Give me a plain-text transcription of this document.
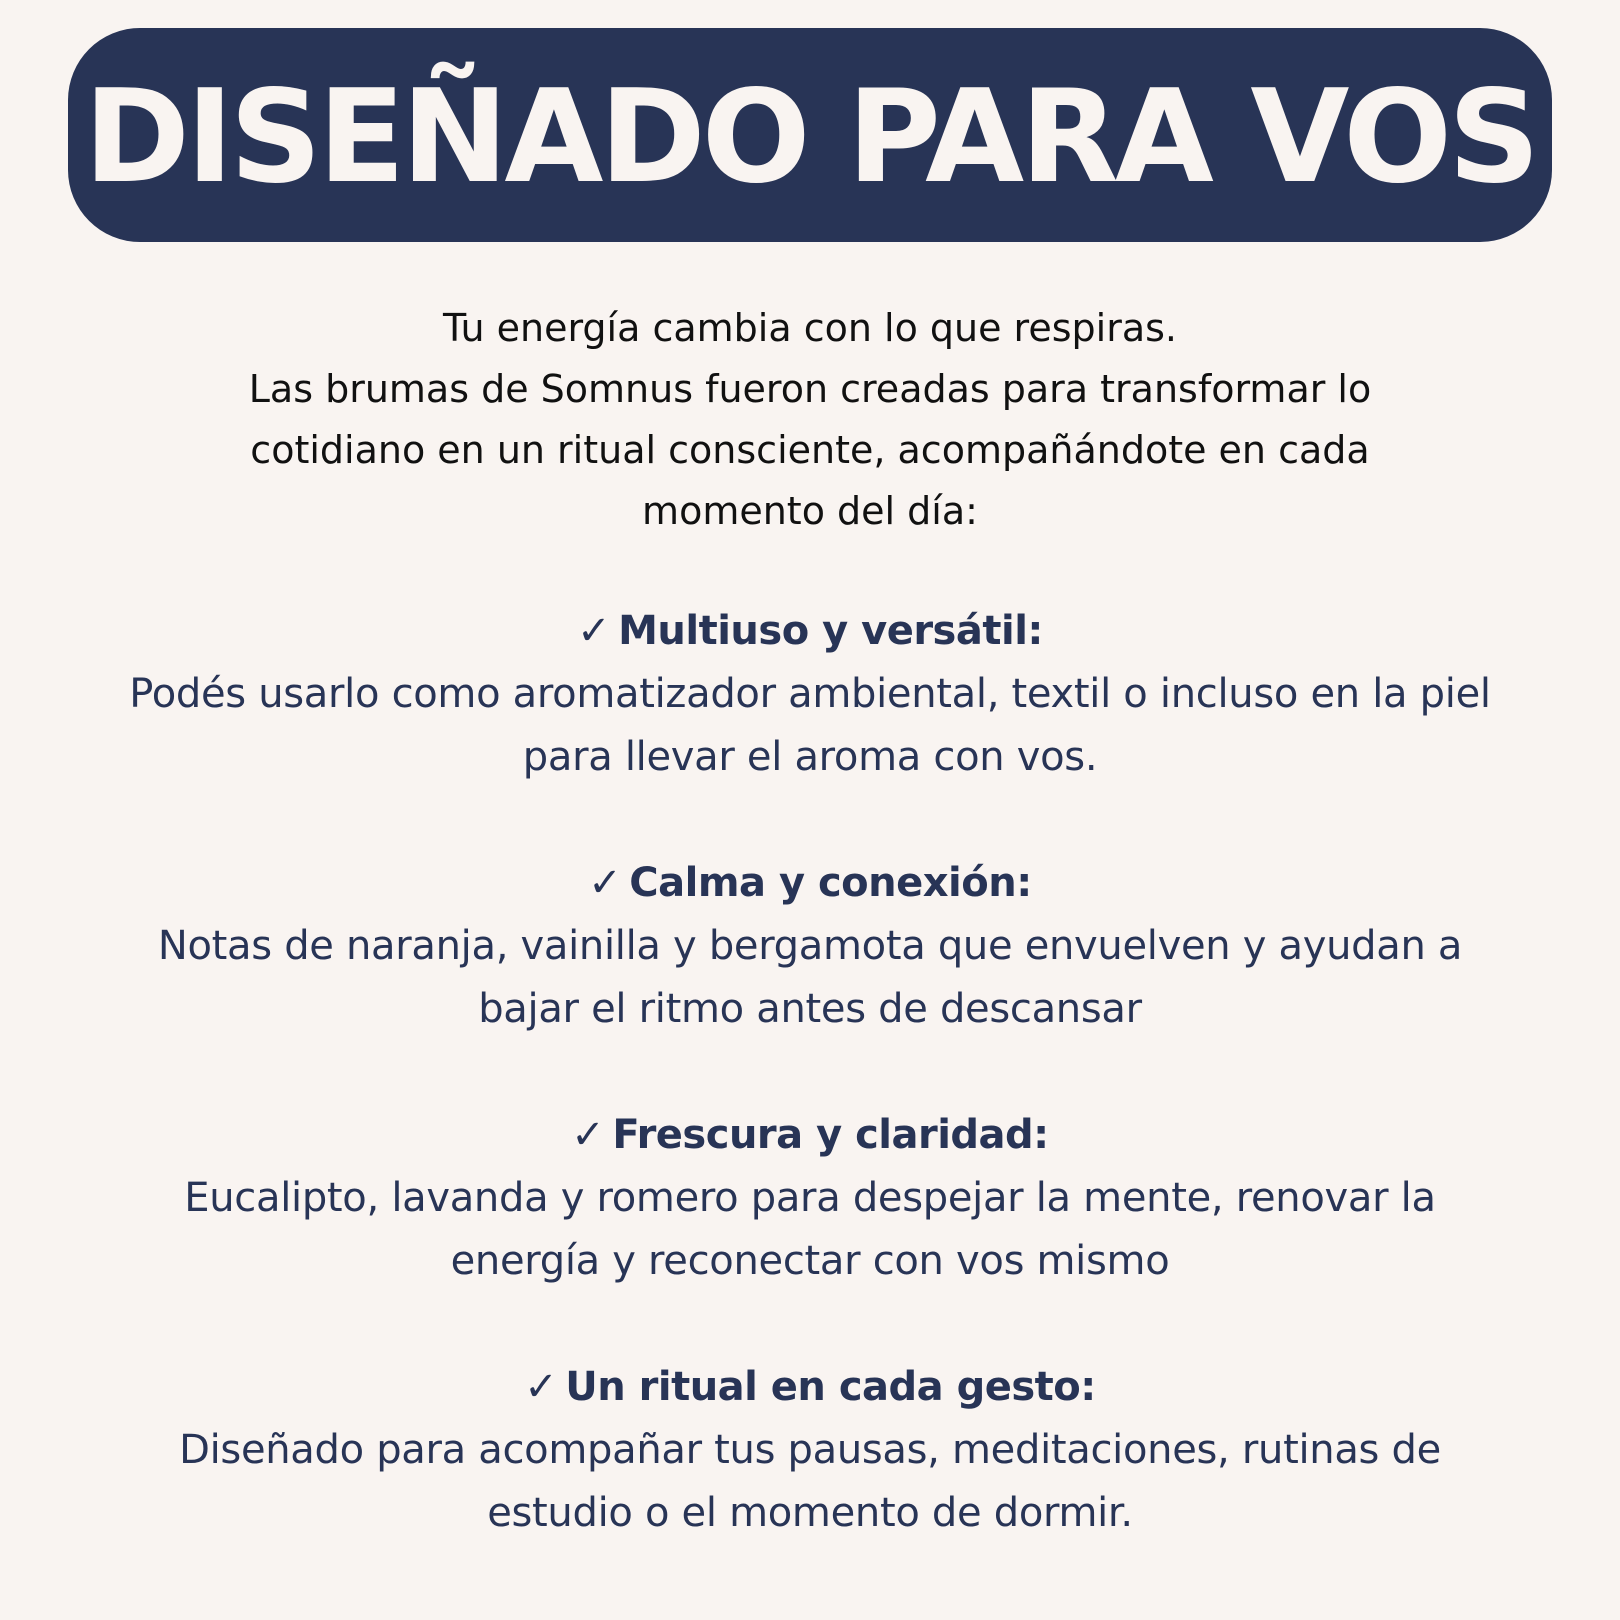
DISEÑADO PARA VOS
Tu energía cambia con lo que respiras.
Las brumas de Somnus fueron creadas para transformar lo
cotidiano en un ritual consciente, acompañándote en cada
momento del día:
✓ Multiuso y versátil:
Podés usarlo como aromatizador ambiental, textil o incluso en la piel
para llevar el aroma con vos.
✓ Calma y conexión:
Notas de naranja, vainilla y bergamota que envuelven y ayudan a
bajar el ritmo antes de descansar
✓ Frescura y claridad:
Eucalipto, lavanda y romero para despejar la mente, renovar la
energía y reconectar con vos mismo
✓ Un ritual en cada gesto:
Diseñado para acompañar tus pausas, meditaciones, rutinas de
estudio o el momento de dormir.
